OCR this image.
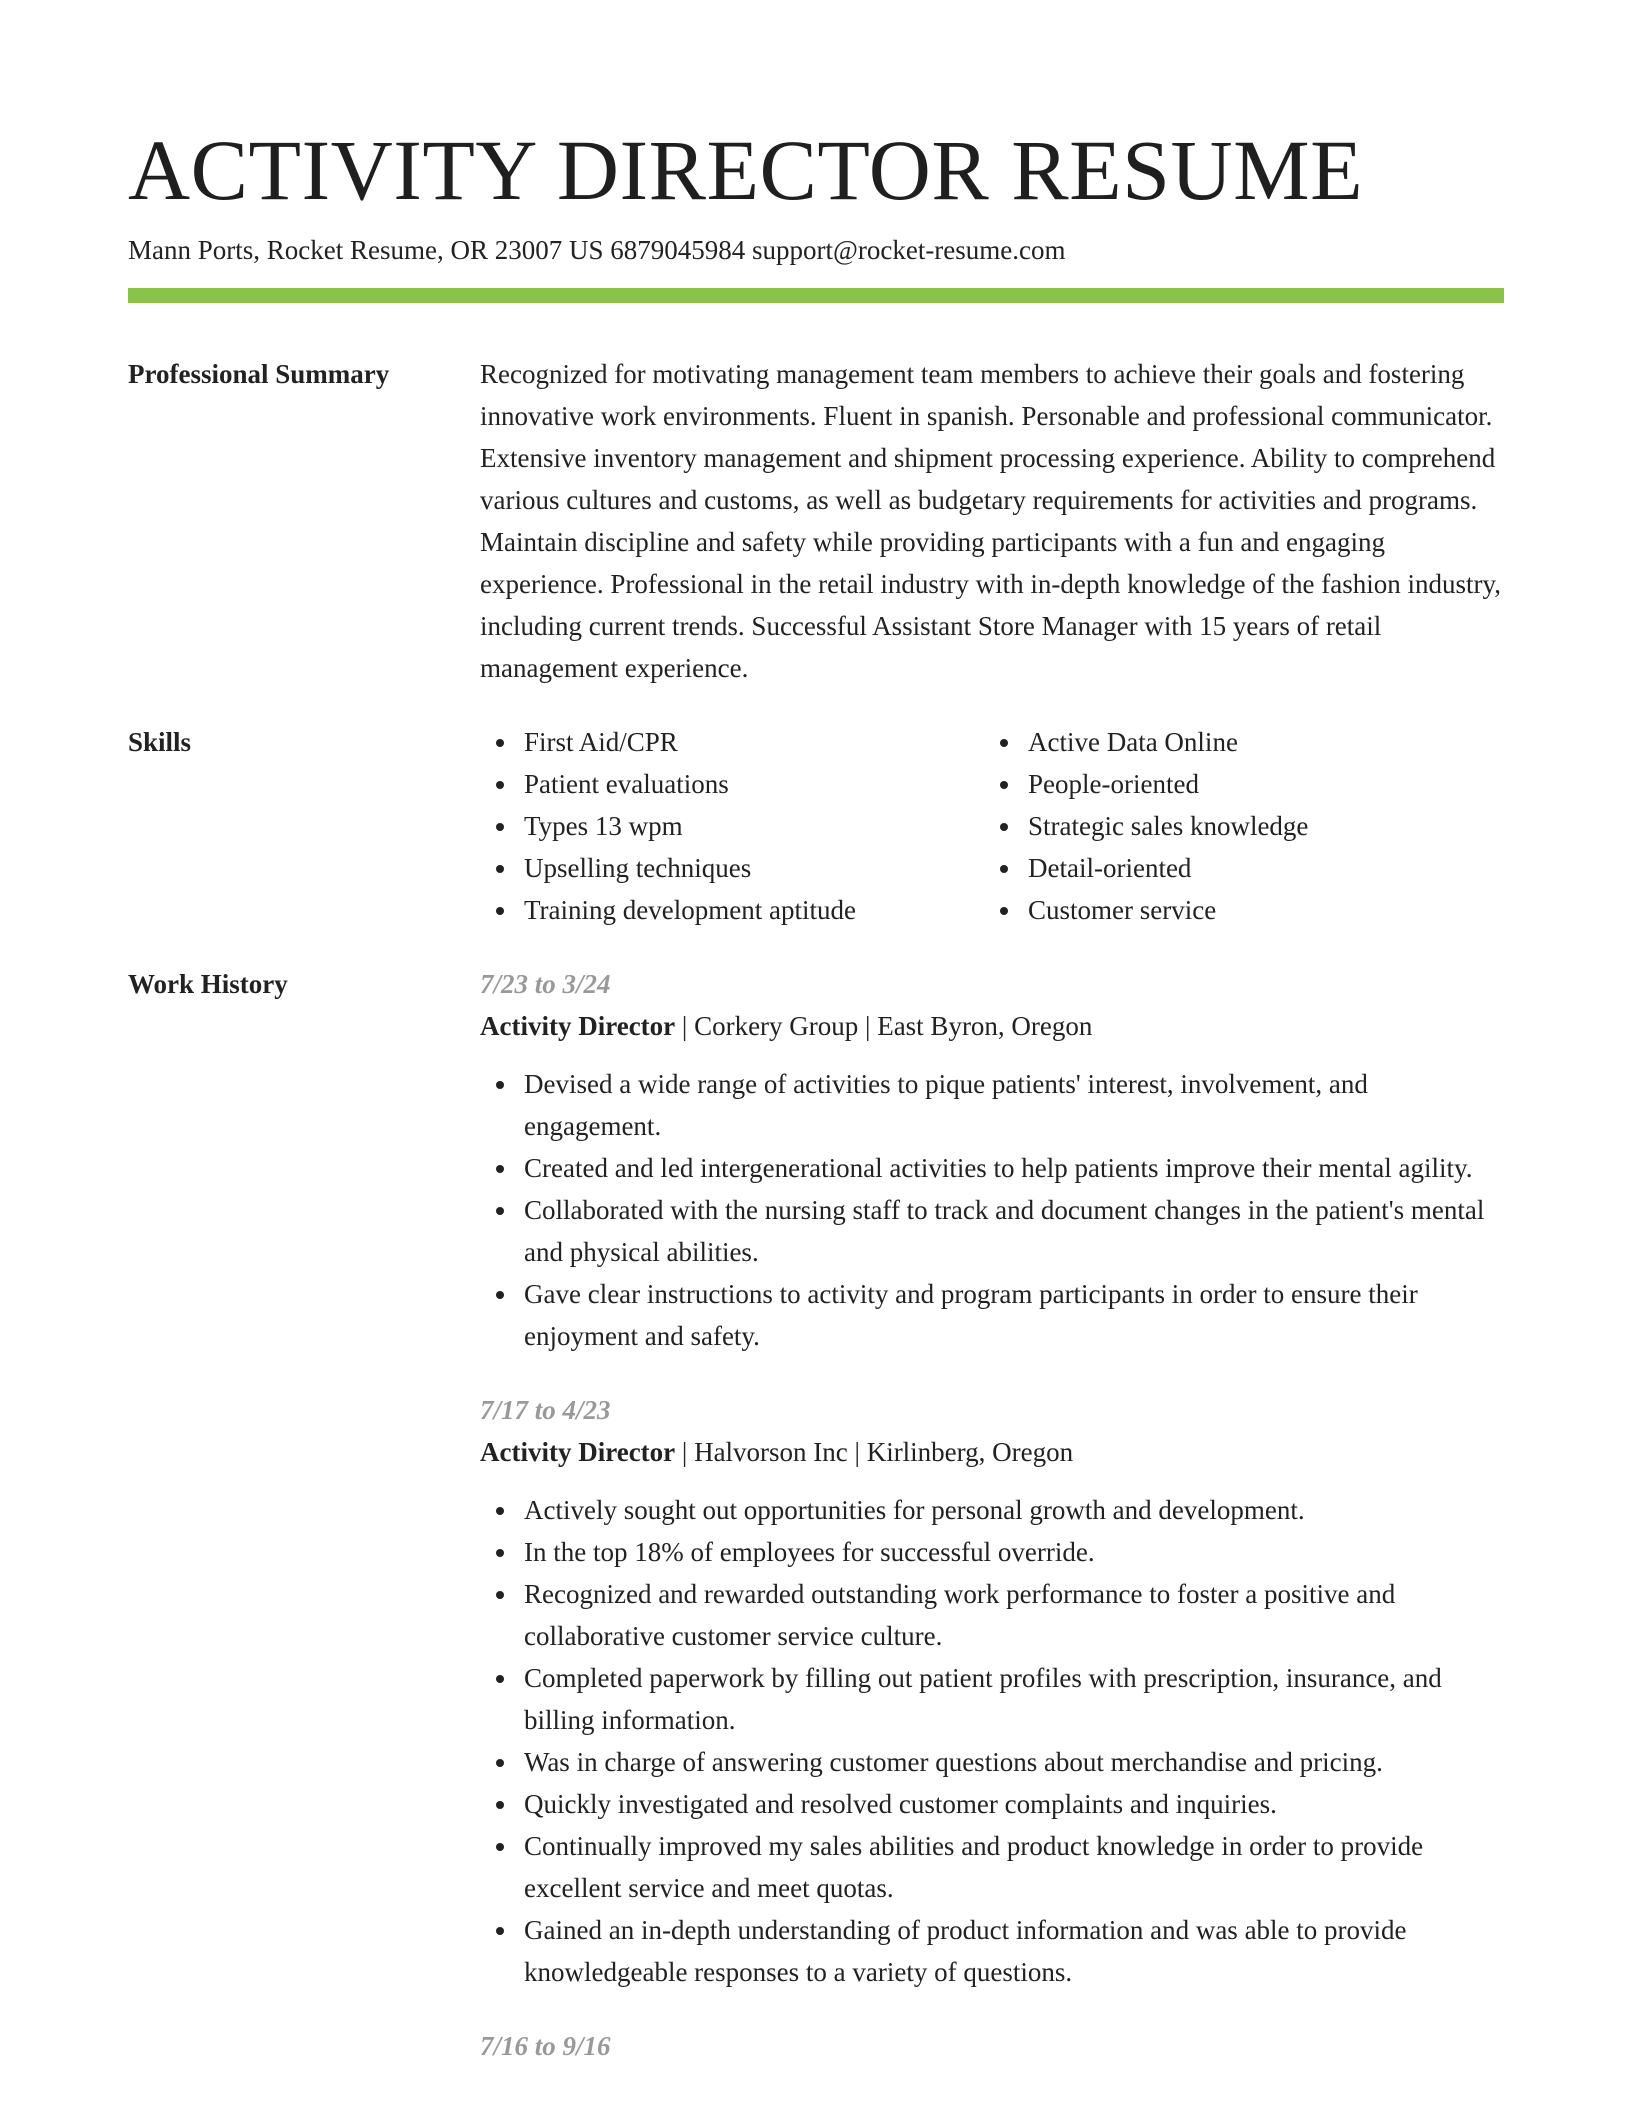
ACTIVITY DIRECTOR RESUME
Mann Ports, Rocket Resume, OR 23007 US 6879045984 support@rocket-resume.com
Professional Summary	Recognized for motivating management team members to achieve their goals and fostering innovative work environments. Fluent in spanish. Personable and professional communicator. Extensive inventory management and shipment processing experience. Ability to comprehend various cultures and customs, as well as budgetary requirements for activities and programs. Maintain discipline and safety while providing participants with a fun and engaging experience. Professional in the retail industry with in-depth knowledge of the fashion industry, including current trends. Successful Assistant Store Manager with 15 years of retail management experience.

Skills	First Aid/CPR
Patient evaluations
Types 13 wpm
Upselling techniques
Training development aptitude
Active Data Online
People-oriented
Strategic sales knowledge
Detail-oriented
Customer service
Work History	7/23 to 3/24
Activity Director | Corkery Group | East Byron, Oregon
Devised a wide range of activities to pique patients' interest, involvement, and engagement.
Created and led intergenerational activities to help patients improve their mental agility.
Collaborated with the nursing staff to track and document changes in the patient's mental and physical abilities.
Gave clear instructions to activity and program participants in order to ensure their enjoyment and safety.
7/17 to 4/23
Activity Director | Halvorson Inc | Kirlinberg, Oregon
Actively sought out opportunities for personal growth and development.
In the top 18% of employees for successful override.
Recognized and rewarded outstanding work performance to foster a positive and collaborative customer service culture.
Completed paperwork by filling out patient profiles with prescription, insurance, and billing information.
Was in charge of answering customer questions about merchandise and pricing.
Quickly investigated and resolved customer complaints and inquiries.
Continually improved my sales abilities and product knowledge in order to provide excellent service and meet quotas.
Gained an in-depth understanding of product information and was able to provide knowledgeable responses to a variety of questions.
7/16 to 9/16
